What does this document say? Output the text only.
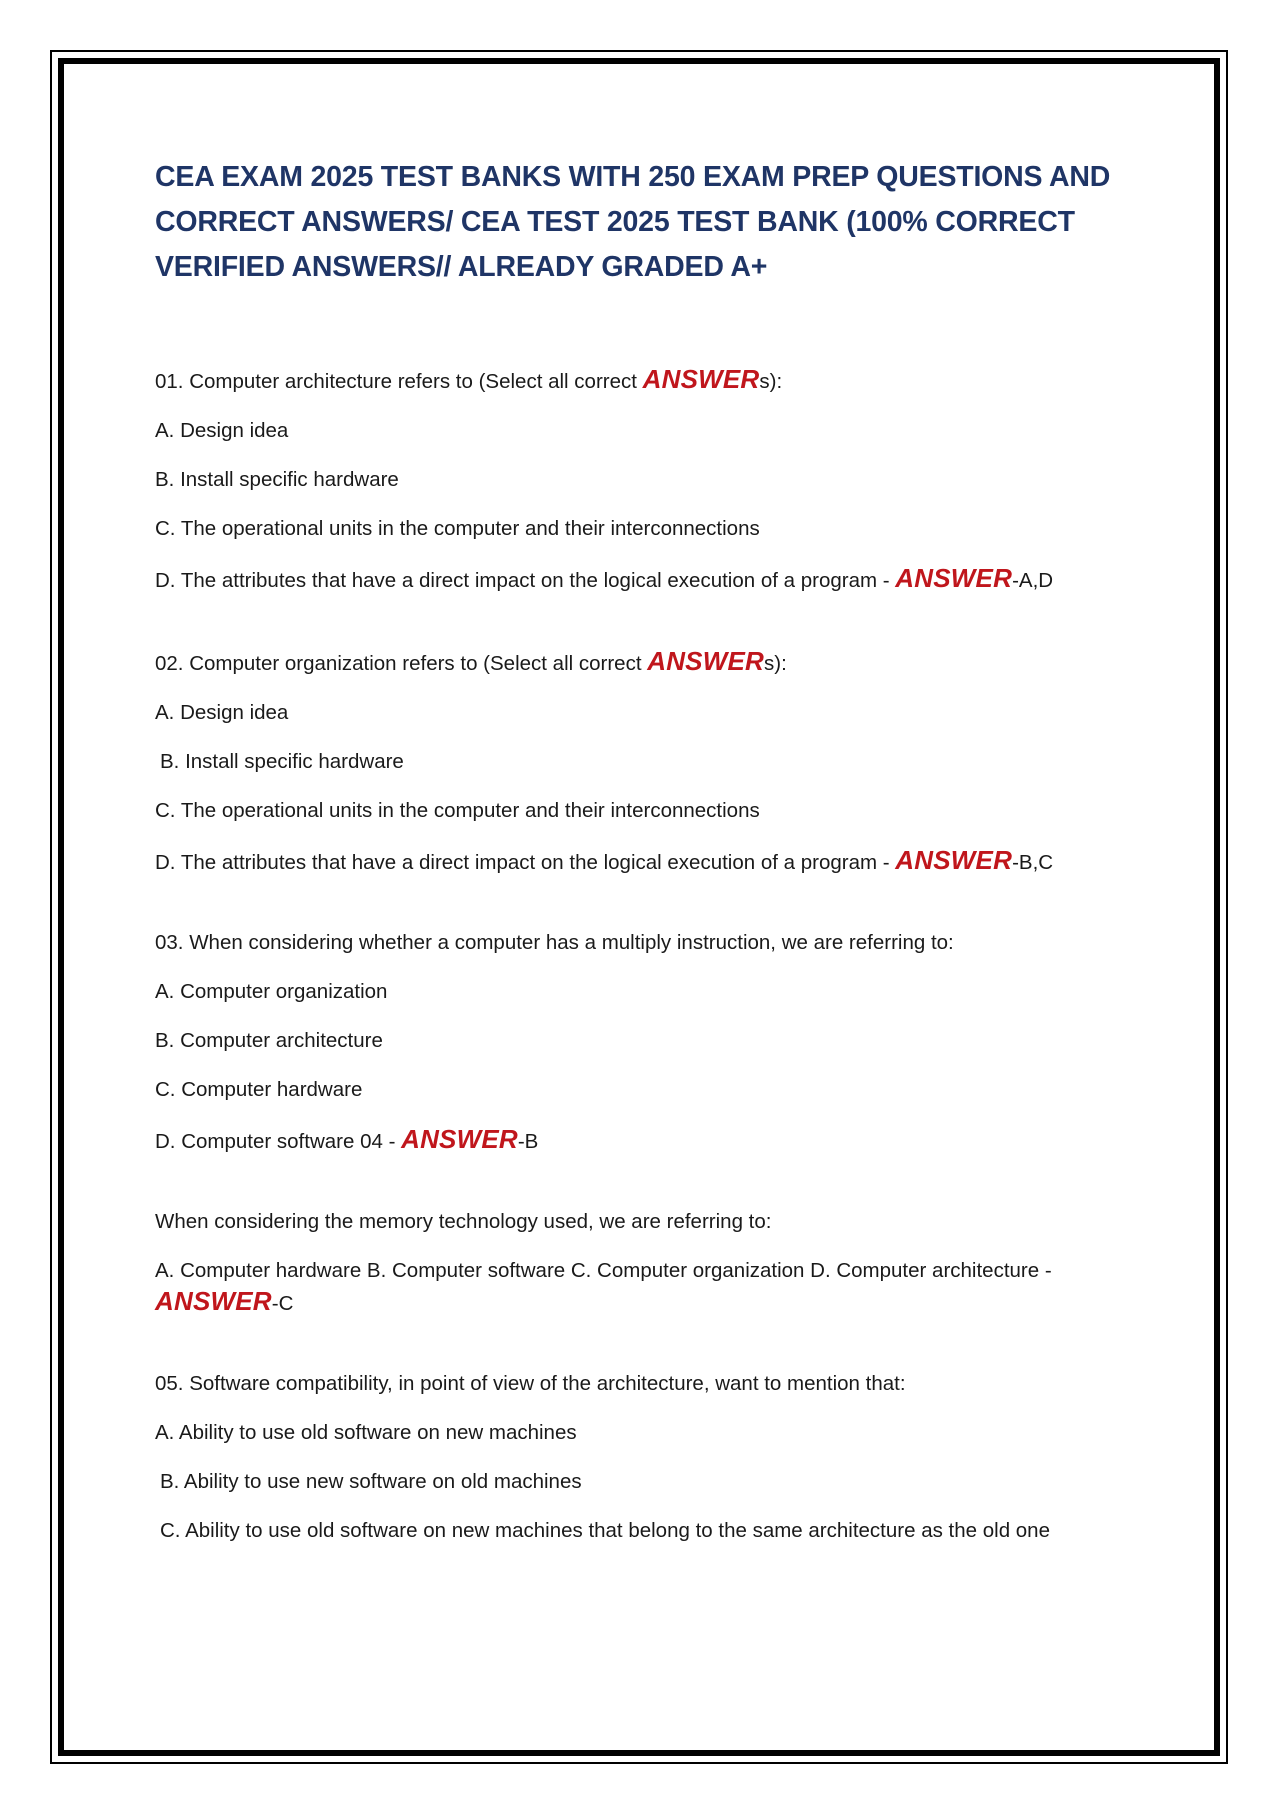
CEA EXAM 2025 TEST BANKS WITH 250 EXAM PREP QUESTIONS AND CORRECT ANSWERS/ CEA TEST 2025 TEST BANK (100% CORRECT VERIFIED ANSWERS// ALREADY GRADED A+

01. Computer architecture refers to (Select all correct ANSWERs):

A. Design idea

B. Install specific hardware

C. The operational units in the computer and their interconnections

D. The attributes that have a direct impact on the logical execution of a program - ANSWER-A,D

02. Computer organization refers to (Select all correct ANSWERs):

A. Design idea

B. Install specific hardware

C. The operational units in the computer and their interconnections

D. The attributes that have a direct impact on the logical execution of a program - ANSWER-B,C

03. When considering whether a computer has a multiply instruction, we are referring to:

A. Computer organization

B. Computer architecture

C. Computer hardware

D. Computer software 04 - ANSWER-B

When considering the memory technology used, we are referring to:

A. Computer hardware B. Computer software C. Computer organization D. Computer architecture - ANSWER-C

05. Software compatibility, in point of view of the architecture, want to mention that:

A. Ability to use old software on new machines

B. Ability to use new software on old machines

C. Ability to use old software on new machines that belong to the same architecture as the old one
